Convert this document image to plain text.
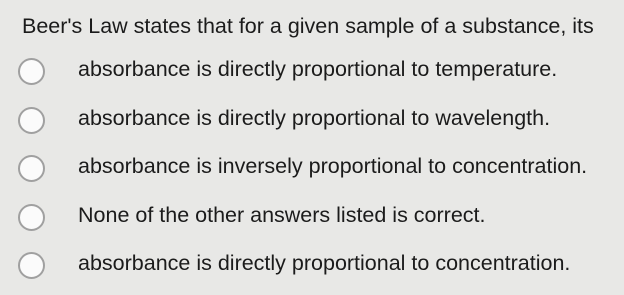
Beer's Law states that for a given sample of a substance, its
absorbance is directly proportional to temperature.
absorbance is directly proportional to wavelength.
absorbance is inversely proportional to concentration.
None of the other answers listed is correct.
absorbance is directly proportional to concentration.
